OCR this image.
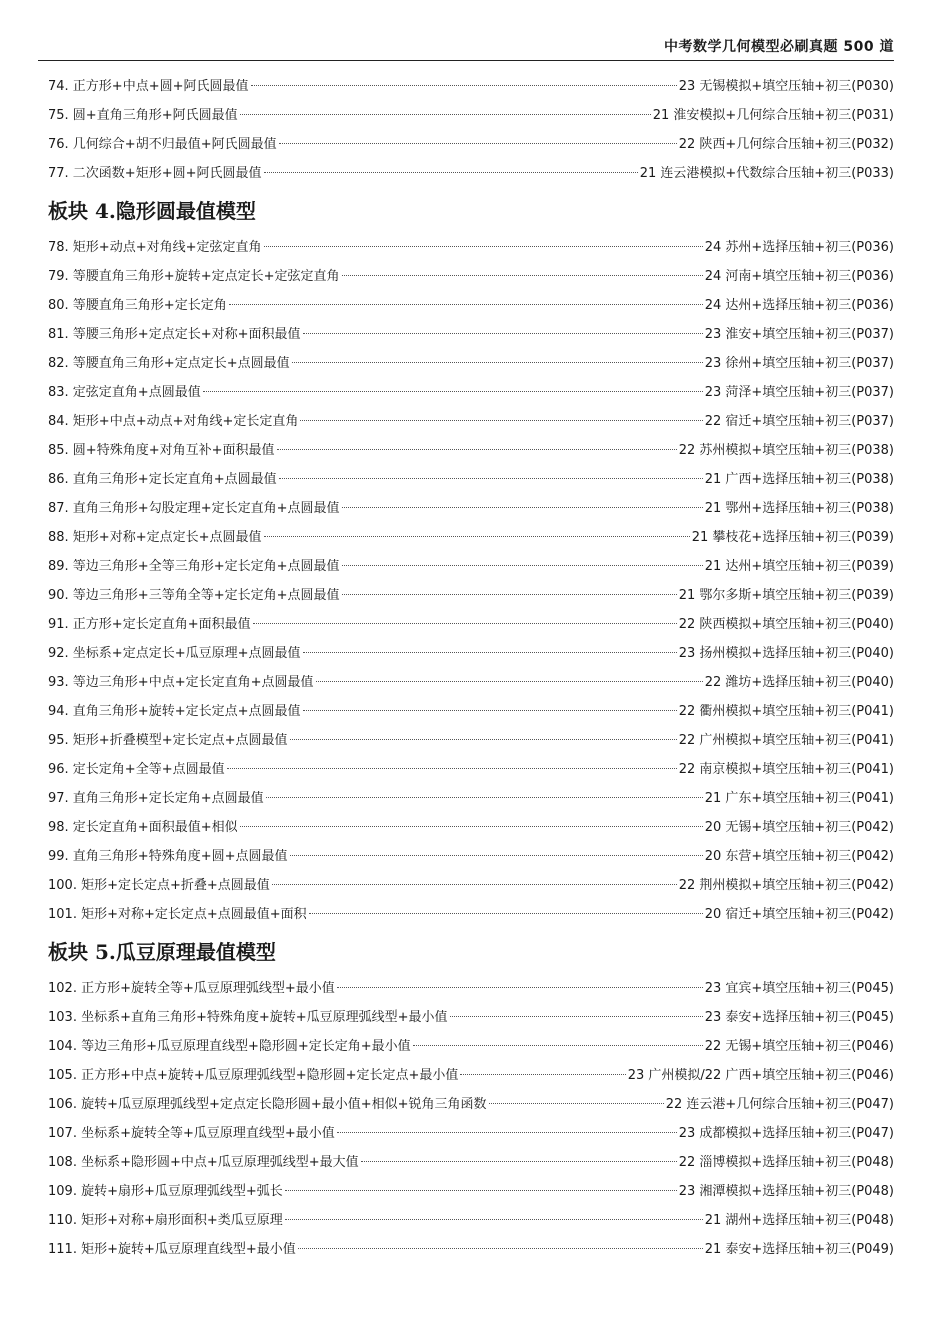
中考数学几何模型必刷真题 500 道
74. 正方形+中点+圆+阿氏圆最值	23 无锡模拟+填空压轴+初三(P030)
75. 圆+直角三角形+阿氏圆最值	21 淮安模拟+几何综合压轴+初三(P031)
76. 几何综合+胡不归最值+阿氏圆最值	22 陕西+几何综合压轴+初三(P032)
77. 二次函数+矩形+圆+阿氏圆最值	21 连云港模拟+代数综合压轴+初三(P033)
板块 4.隐形圆最值模型
78. 矩形+动点+对角线+定弦定直角	24 苏州+选择压轴+初三(P036)
79. 等腰直角三角形+旋转+定点定长+定弦定直角	24 河南+填空压轴+初三(P036)
80. 等腰直角三角形+定长定角	24 达州+选择压轴+初三(P036)
81. 等腰三角形+定点定长+对称+面积最值	23 淮安+填空压轴+初三(P037)
82. 等腰直角三角形+定点定长+点圆最值	23 徐州+填空压轴+初三(P037)
83. 定弦定直角+点圆最值	23 菏泽+填空压轴+初三(P037)
84. 矩形+中点+动点+对角线+定长定直角	22 宿迁+填空压轴+初三(P037)
85. 圆+特殊角度+对角互补+面积最值	22 苏州模拟+填空压轴+初三(P038)
86. 直角三角形+定长定直角+点圆最值	21 广西+选择压轴+初三(P038)
87. 直角三角形+勾股定理+定长定直角+点圆最值	21 鄂州+选择压轴+初三(P038)
88. 矩形+对称+定点定长+点圆最值	21 攀枝花+选择压轴+初三(P039)
89. 等边三角形+全等三角形+定长定角+点圆最值	21 达州+填空压轴+初三(P039)
90. 等边三角形+三等角全等+定长定角+点圆最值	21 鄂尔多斯+填空压轴+初三(P039)
91. 正方形+定长定直角+面积最值	22 陕西模拟+填空压轴+初三(P040)
92. 坐标系+定点定长+瓜豆原理+点圆最值	23 扬州模拟+选择压轴+初三(P040)
93. 等边三角形+中点+定长定直角+点圆最值	22 潍坊+选择压轴+初三(P040)
94. 直角三角形+旋转+定长定点+点圆最值	22 衢州模拟+填空压轴+初三(P041)
95. 矩形+折叠模型+定长定点+点圆最值	22 广州模拟+填空压轴+初三(P041)
96. 定长定角+全等+点圆最值	22 南京模拟+填空压轴+初三(P041)
97. 直角三角形+定长定角+点圆最值	21 广东+填空压轴+初三(P041)
98. 定长定直角+面积最值+相似	20 无锡+填空压轴+初三(P042)
99. 直角三角形+特殊角度+圆+点圆最值	20 东营+填空压轴+初三(P042)
100. 矩形+定长定点+折叠+点圆最值	22 荆州模拟+填空压轴+初三(P042)
101. 矩形+对称+定长定点+点圆最值+面积	20 宿迁+填空压轴+初三(P042)
板块 5.瓜豆原理最值模型
102. 正方形+旋转全等+瓜豆原理弧线型+最小值	23 宜宾+填空压轴+初三(P045)
103. 坐标系+直角三角形+特殊角度+旋转+瓜豆原理弧线型+最小值	23 泰安+选择压轴+初三(P045)
104. 等边三角形+瓜豆原理直线型+隐形圆+定长定角+最小值	22 无锡+填空压轴+初三(P046)
105. 正方形+中点+旋转+瓜豆原理弧线型+隐形圆+定长定点+最小值	23 广州模拟/22 广西+填空压轴+初三(P046)
106. 旋转+瓜豆原理弧线型+定点定长隐形圆+最小值+相似+锐角三角函数	22 连云港+几何综合压轴+初三(P047)
107. 坐标系+旋转全等+瓜豆原理直线型+最小值	23 成都模拟+选择压轴+初三(P047)
108. 坐标系+隐形圆+中点+瓜豆原理弧线型+最大值	22 淄博模拟+选择压轴+初三(P048)
109. 旋转+扇形+瓜豆原理弧线型+弧长	23 湘潭模拟+选择压轴+初三(P048)
110. 矩形+对称+扇形面积+类瓜豆原理	21 湖州+选择压轴+初三(P048)
111. 矩形+旋转+瓜豆原理直线型+最小值	21 泰安+选择压轴+初三(P049)
